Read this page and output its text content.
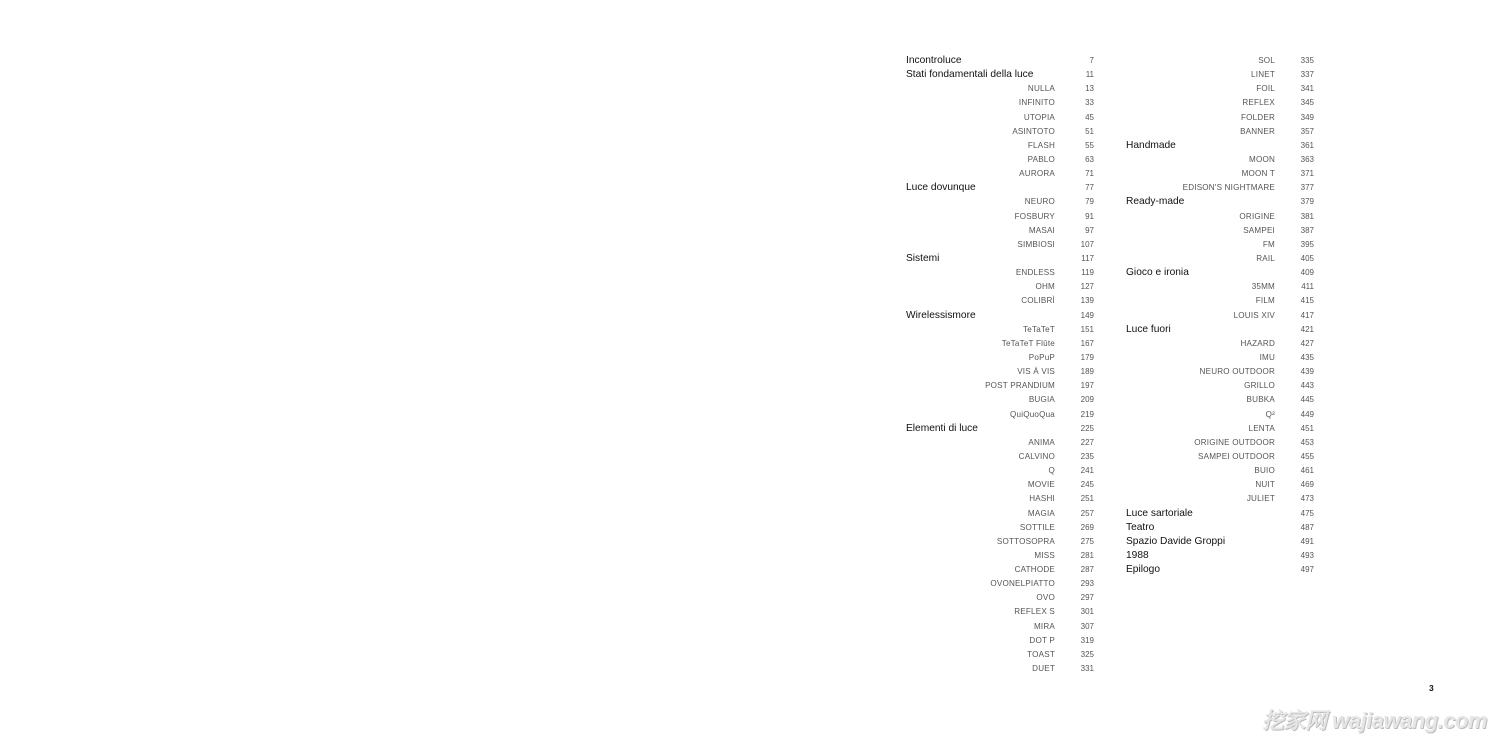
Incontroluce	7
Stati fondamentali della luce	11
NULLA	13
INFINITO	33
UTOPIA	45
ASINTOTO	51
FLASH	55
PABLO	63
AURORA	71
Luce dovunque	77
NEURO	79
FOSBURY	91
MASAI	97
SIMBIOSI	107
Sistemi	117
ENDLESS	119
OHM	127
COLIBRÌ	139
Wirelessismore	149
TeTaTeT	151
TeTaTeT Flûte	167
PoPuP	179
VIS À VIS	189
POST PRANDIUM	197
BUGIA	209
QuiQuoQua	219
Elementi di luce	225
ANIMA	227
CALVINO	235
Q	241
MOVIE	245
HASHI	251
MAGIA	257
SOTTILE	269
SOTTOSOPRA	275
MISS	281
CATHODE	287
OVONELPIATTO	293
OVO	297
REFLEX S	301
MIRA	307
DOT P	319
TOAST	325
DUET	331
SOL	335
LINET	337
FOIL	341
REFLEX	345
FOLDER	349
BANNER	357
Handmade	361
MOON	363
MOON T	371
EDISON'S NIGHTMARE	377
Ready-made	379
ORIGINE	381
SAMPEI	387
FM	395
RAIL	405
Gioco e ironia	409
35MM	411
FILM	415
LOUIS XIV	417
Luce fuori	421
HAZARD	427
IMU	435
NEURO OUTDOOR	439
GRILLO	443
BUBKA	445
Q²	449
LENTA	451
ORIGINE OUTDOOR	453
SAMPEI OUTDOOR	455
BUIO	461
NUIT	469
JULIET	473
Luce sartoriale	475
Teatro	487
Spazio Davide Groppi	491
1988	493
Epilogo	497
3
挖家网 wajiawang.com
